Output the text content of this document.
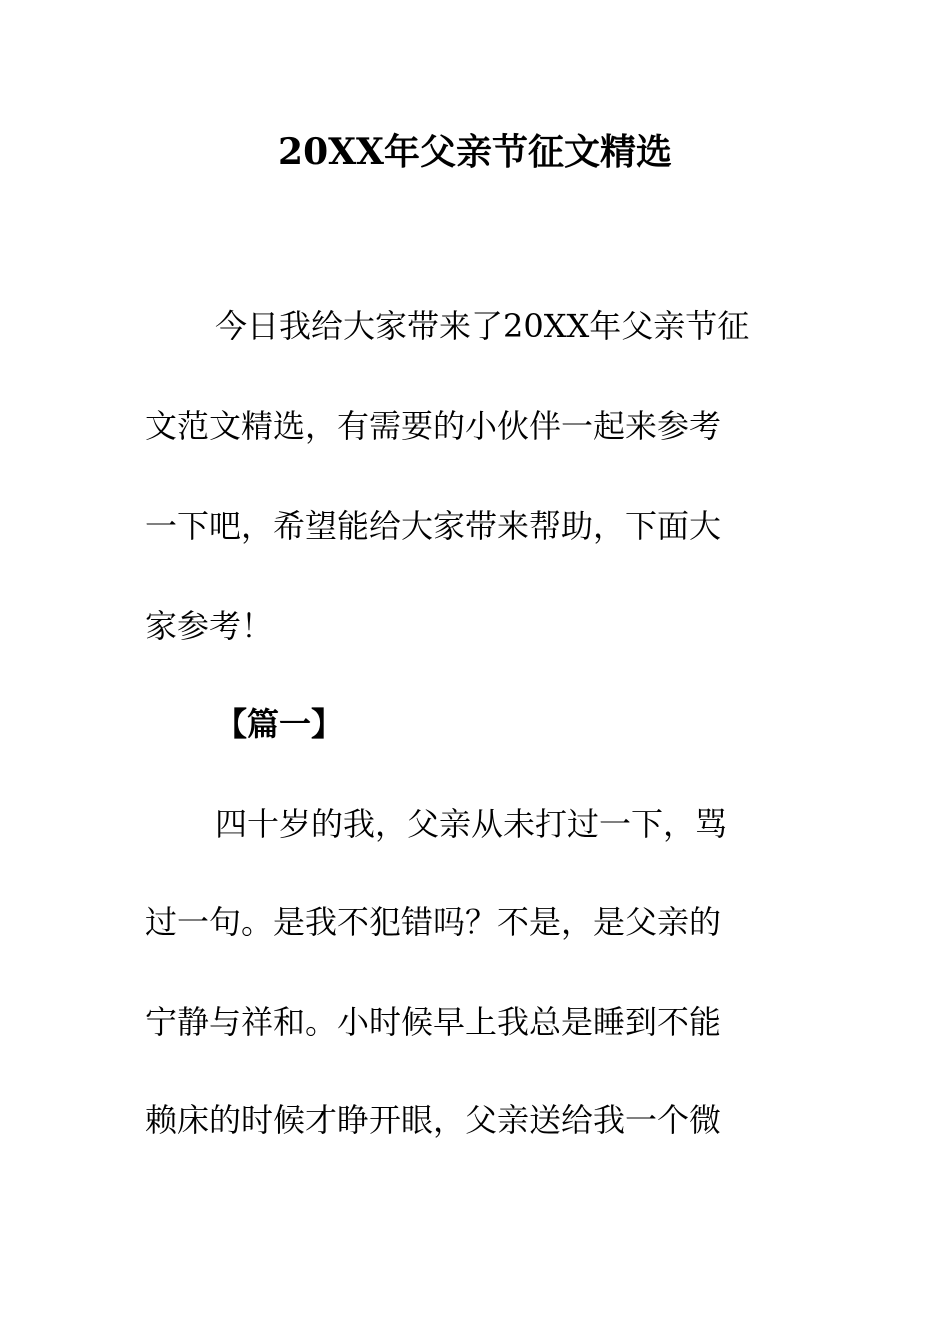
20XX年父亲节征文精选
今日我给大家带来了20XX年父亲节征
文范文精选，有需要的小伙伴一起来参考
一下吧，希望能给大家带来帮助，下面大
家参考！
【篇一】
四十岁的我，父亲从未打过一下，骂
过一句。是我不犯错吗？不是，是父亲的
宁静与祥和。小时候早上我总是睡到不能
赖床的时候才睁开眼，父亲送给我一个微
